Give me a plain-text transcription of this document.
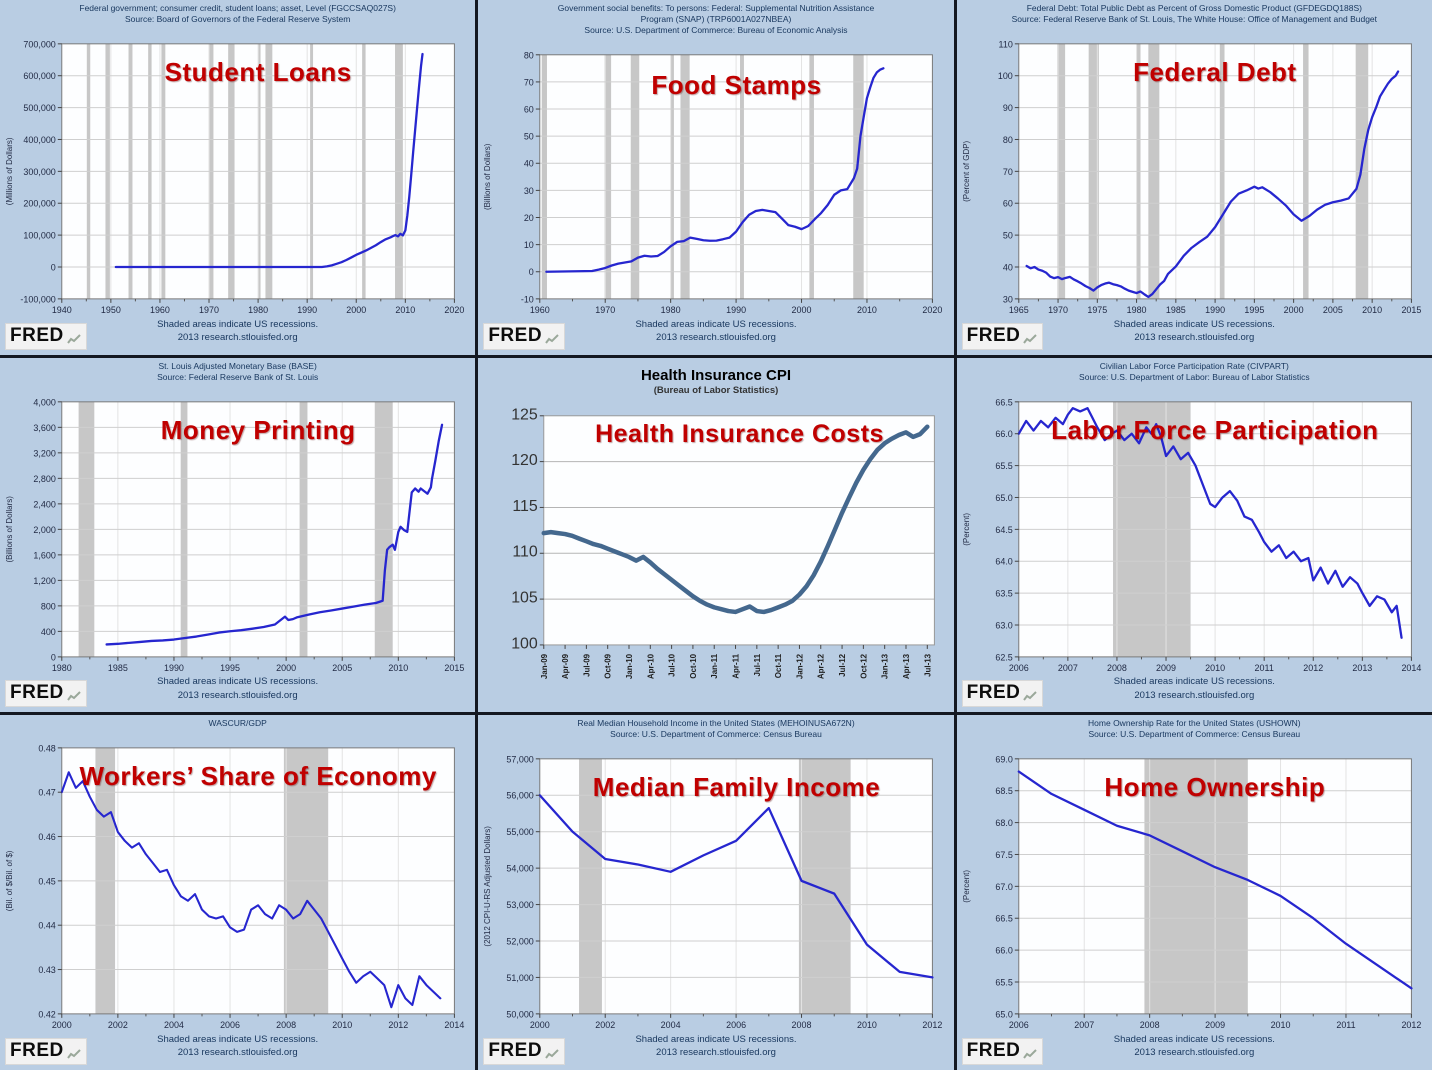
Federal government; consumer credit, student loans; asset, Level (FGCCSAQ027S)
Source: Board of Governors of the Federal Reserve System
-100,000
0
100,000
200,000
300,000
400,000
500,000
600,000
700,000
1940	1950	1960	1970	1980	1990	2000	2010	2020
(Millions of Dollars)
Student Loans
Shaded areas indicate US recessions.
2013 research.stlouisfed.org
FRED
Government social benefits: To persons: Federal: Supplemental Nutrition Assistance
Program (SNAP) (TRP6001A027NBEA)
Source: U.S. Department of Commerce: Bureau of Economic Analysis
-10
0
10
20
30
40
50
60
70
80
1960	1970	1980	1990	2000	2010	2020
(Billions of Dollars)
Food Stamps
Shaded areas indicate US recessions.
2013 research.stlouisfed.org
FRED
Federal Debt: Total Public Debt as Percent of Gross Domestic Product (GFDEGDQ188S)
Source: Federal Reserve Bank of St. Louis, The White House: Office of Management and Budget
30
40
50
60
70
80
90
100
110
1965 1970 1975 1980 1985 1990 1995 2000 2005 2010 2015
(Percent of GDP)
Federal Debt
Shaded areas indicate US recessions.
2013 research.stlouisfed.org
FRED
St. Louis Adjusted Monetary Base (BASE)
Source: Federal Reserve Bank of St. Louis
0
400
800
1,200
1,600
2,000
2,400
2,800
3,200
3,600
4,000
1980	1985	1990	1995	2000	2005	2010	2015
(Billions of Dollars)
Money Printing
Shaded areas indicate US recessions.
2013 research.stlouisfed.org
FRED
Health Insurance CPI
(Bureau of Labor Statistics)
100
105
110
115
120
125
Jan-09 Apr-09 Jul-09 Oct-09 Jan-10 Apr-10 Jul-10 Oct-10 Jan-11 Apr-11 Jul-11 Oct-11 Jan-12 Apr-12 Jul-12 Oct-12 Jan-13 Apr-13 Jul-13
Health Insurance Costs
Civilian Labor Force Participation Rate (CIVPART)
Source: U.S. Department of Labor: Bureau of Labor Statistics
62.5
63.0
63.5
64.0
64.5
65.0
65.5
66.0
66.5
2006	2007	2008	2009	2010	2011	2012	2013	2014
(Percent)
Labor Force Participation
Shaded areas indicate US recessions.
2013 research.stlouisfed.org
FRED
WASCUR/GDP
0.42
0.43
0.44
0.45
0.46
0.47
0.48
2000	2002	2004	2006	2008	2010	2012	2014
(Bil. of $/Bil. of $)
Workers’ Share of Economy
Shaded areas indicate US recessions.
2013 research.stlouisfed.org
FRED
Real Median Household Income in the United States (MEHOINUSA672N)
Source: U.S. Department of Commerce: Census Bureau
50,000
51,000
52,000
53,000
54,000
55,000
56,000
57,000
2000	2002	2004	2006	2008	2010	2012
(2012 CPI-U-RS Adjusted Dollars)
Median Family Income
Shaded areas indicate US recessions.
2013 research.stlouisfed.org
FRED
Home Ownership Rate for the United States (USHOWN)
Source: U.S. Department of Commerce: Census Bureau
65.0
65.5
66.0
66.5
67.0
67.5
68.0
68.5
69.0
2006	2007	2008	2009	2010	2011	2012
(Percent)
Home Ownership
Shaded areas indicate US recessions.
2013 research.stlouisfed.org
FRED
